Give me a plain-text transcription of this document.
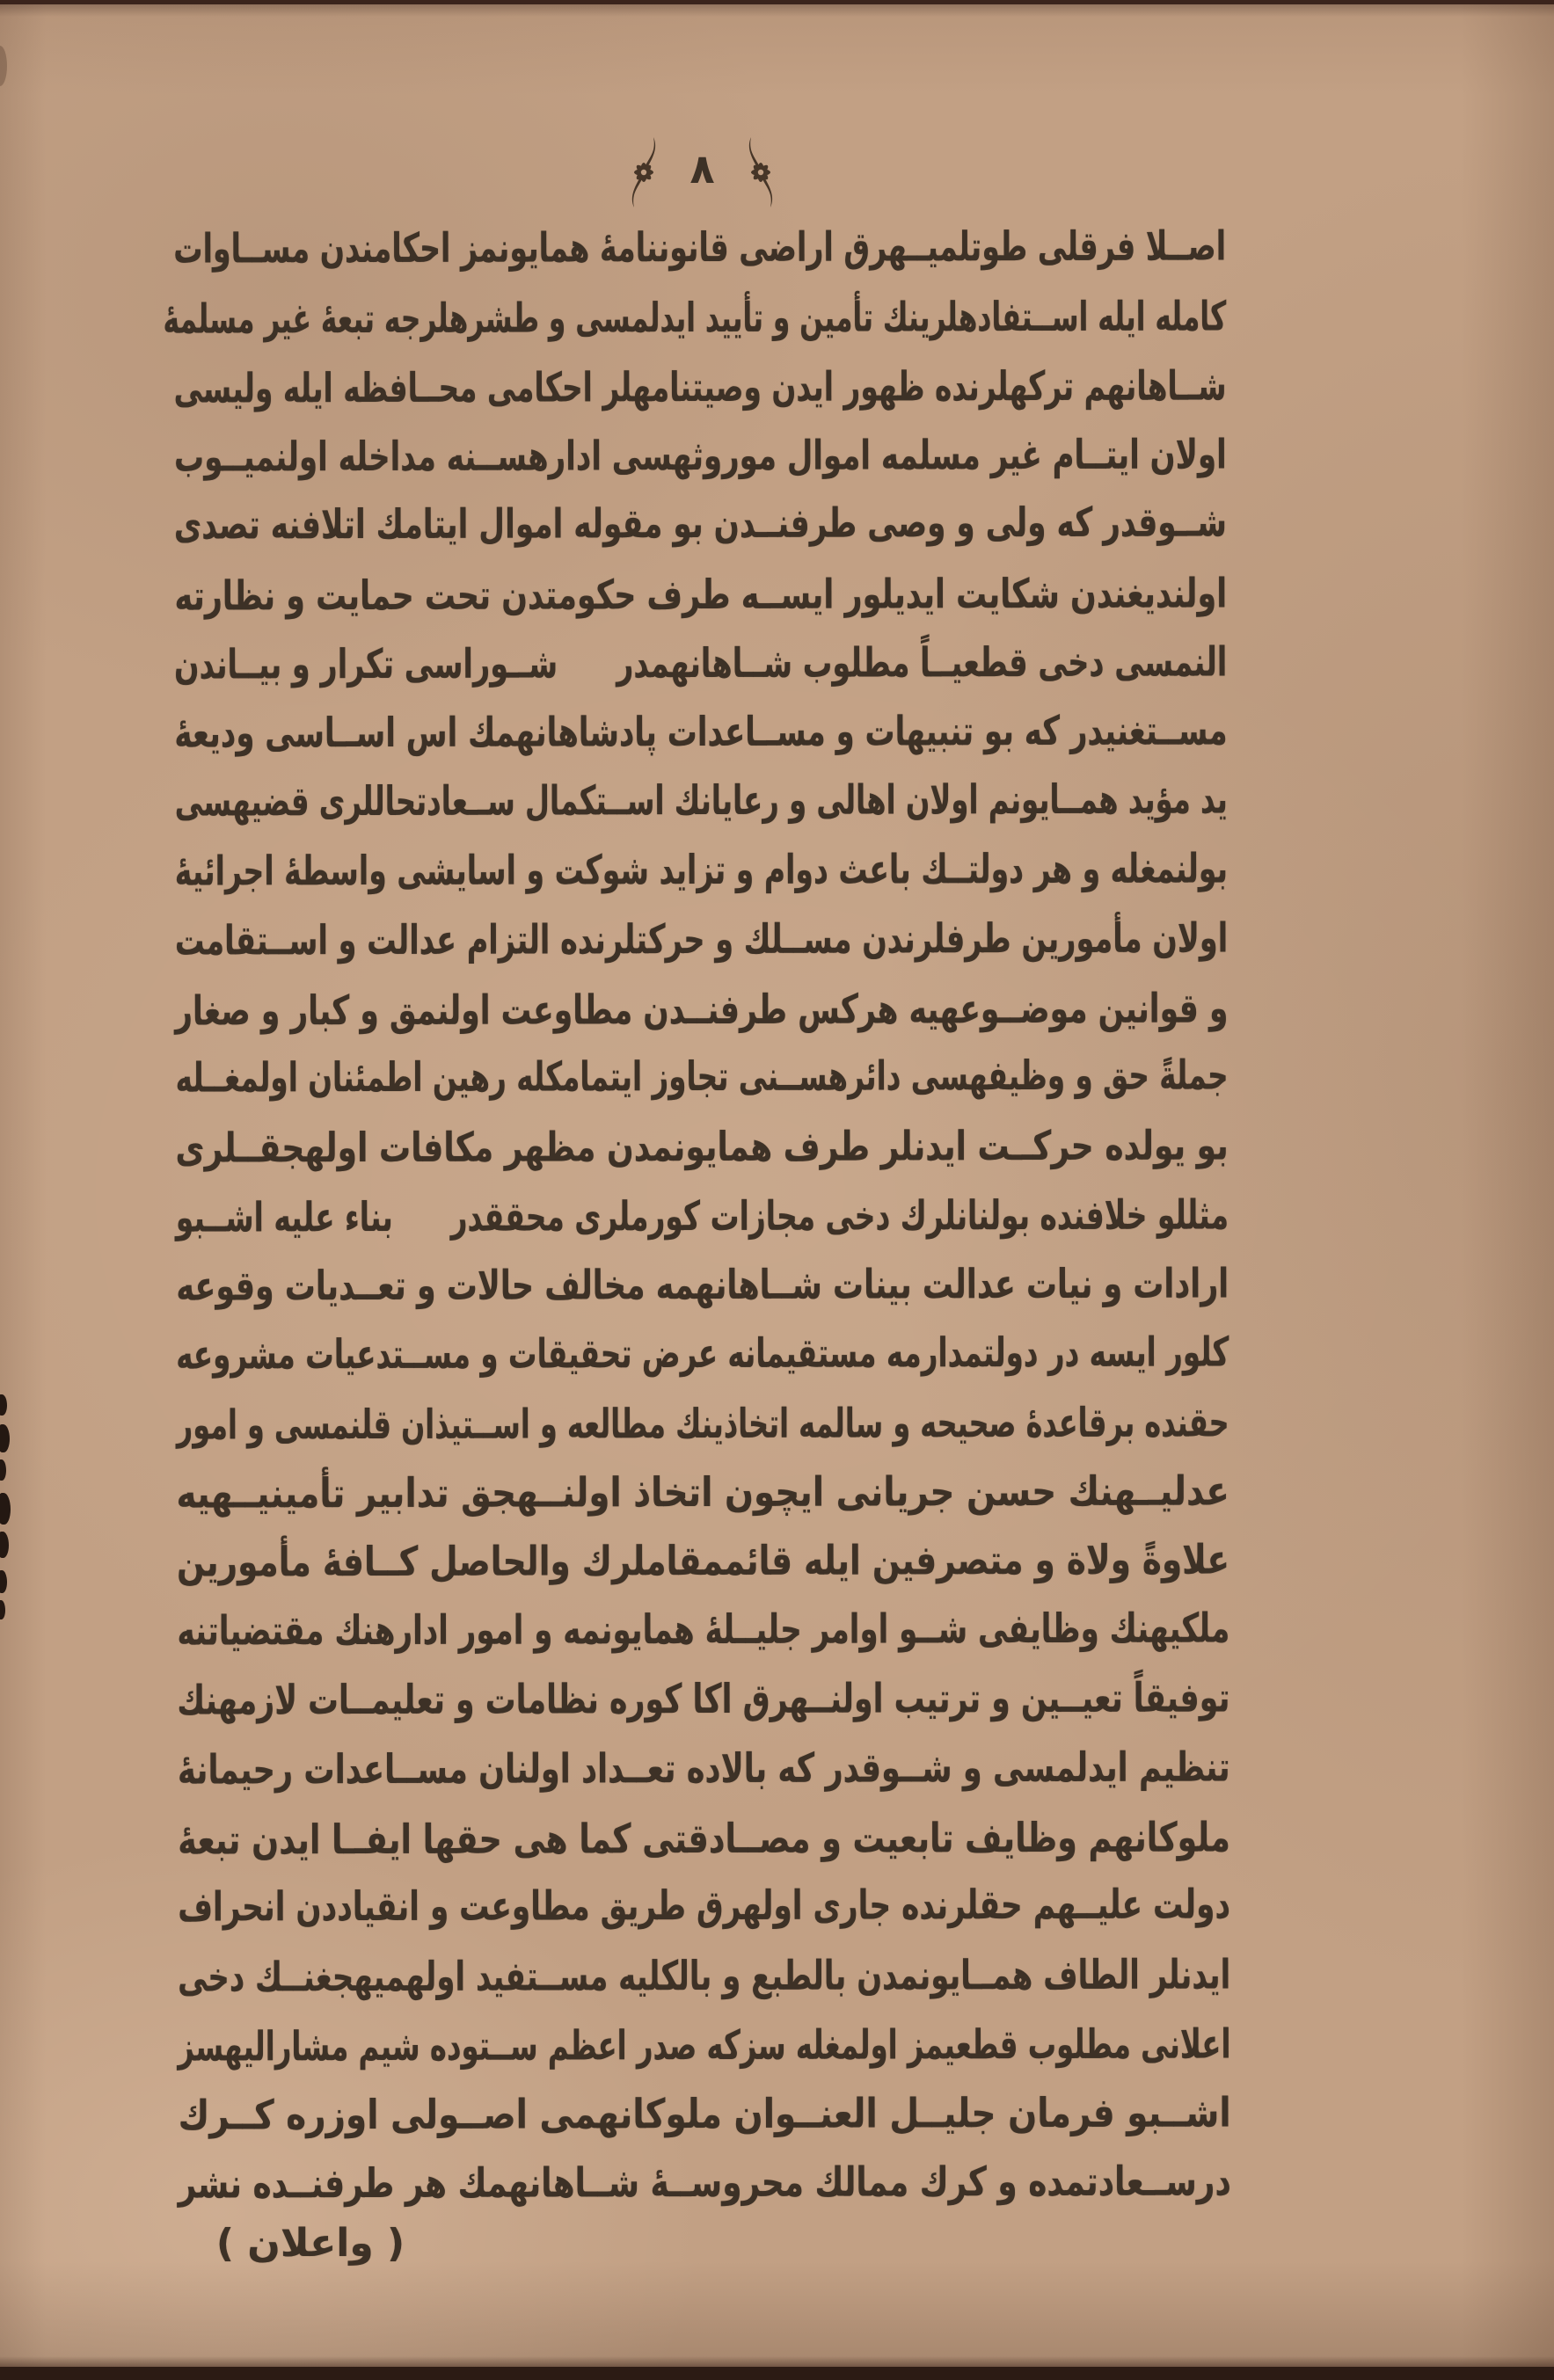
٨
اصــلا فرقلى طوتلميــهرق اراضى قانوننامهٔ همايونمز احكامندن مســاوات
كامله ايله اســتفادهلرينك تأمين و تأييد ايدلمسى و طشرهلرجه تبعهٔ غير مسلمهٔ
شــاهانهم تركهلرنده ظهور ايدن وصيتنامهلر احكامى محــافظه ايله وليسى
اولان ايتــام غير مسلمه اموال موروثهسى ادارهســنه مداخله اولنميــوب
شــوقدر كه ولى و وصى طرفنــدن بو مقوله اموال ايتامك اتلافنه تصدى
اولنديغندن شكايت ايديلور ايســه طرف حكومتدن تحت حمايت و نظارته
النمسى دخى قطعيــاً مطلوب شــاهانهمدر  شــوراسى تكرار و بيــاندن
مســتغنيدر كه بو تنبيهات و مســاعدات پادشاهانهمك اس اســاسى وديعهٔ
يد مؤيد همــايونم اولان اهالى و رعايانك اســتكمال ســعادتحاللرى قضيهسى
بولنمغله و هر دولتــك باعث دوام و تزايد شوكت و اسايشى واسطهٔ اجرائيهٔ
اولان مأمورين طرفلرندن مســلك و حركتلرنده التزام عدالت و اســتقامت
و قوانين موضــوعهيه هركس طرفنــدن مطاوعت اولنمق و كبار و صغار
جملةً حق و وظيفهسى دائرهســنى تجاوز ايتمامكله رهين اطمئنان اولمغــله
بو يولده حركــت ايدنلر طرف همايونمدن مظهر مكافات اولهجقــلرى
مثللو خلافنده بولنانلرك دخى مجازات كورملرى محققدر  بناء عليه اشــبو
ارادات و نيات عدالت بينات شــاهانهمه مخالف حالات و تعــديات وقوعه
كلور ايسه در دولتمدارمه مستقيمانه عرض تحقيقات و مســتدعيات مشروعه
حقنده برقاعدهٔ صحيحه و سالمه اتخاذينك مطالعه و اســتيذان قلنمسى و امور
عدليــهنك حسن جريانى ايچون اتخاذ اولنــهجق تدابير تأمينيــهيه
علاوةً ولاة و متصرفين ايله قائممقاملرك والحاصل كــافهٔ مأمورين
ملكيهنك وظايفى شــو اوامر جليــلهٔ همايونمه و امور ادارهنك مقتضياتنه
توفيقاً تعيــين و ترتيب اولنــهرق اكا كوره نظامات و تعليمــات لازمهنك
تنظيم ايدلمسى و شــوقدر كه بالاده تعــداد اولنان مســاعدات رحيمانهٔ
ملوكانهم وظايف تابعيت و مصــادقتى كما هى حقها ايفــا ايدن تبعهٔ
دولت عليــهم حقلرنده جارى اولهرق طريق مطاوعت و انقياددن انحراف
ايدنلر الطاف همــايونمدن بالطبع و بالكليه مســتفيد اولهميهجغنــك دخى
اعلانى مطلوب قطعيمز اولمغله سزكه صدر اعظم ســتوده شيم مشاراليهسز
اشــبو فرمان جليــل العنــوان ملوكانهمى اصــولى اوزره كــرك
درســعادتمده و كرك ممالك محروســهٔ شــاهانهمك هر طرفنــده نشر
( واعلان )
